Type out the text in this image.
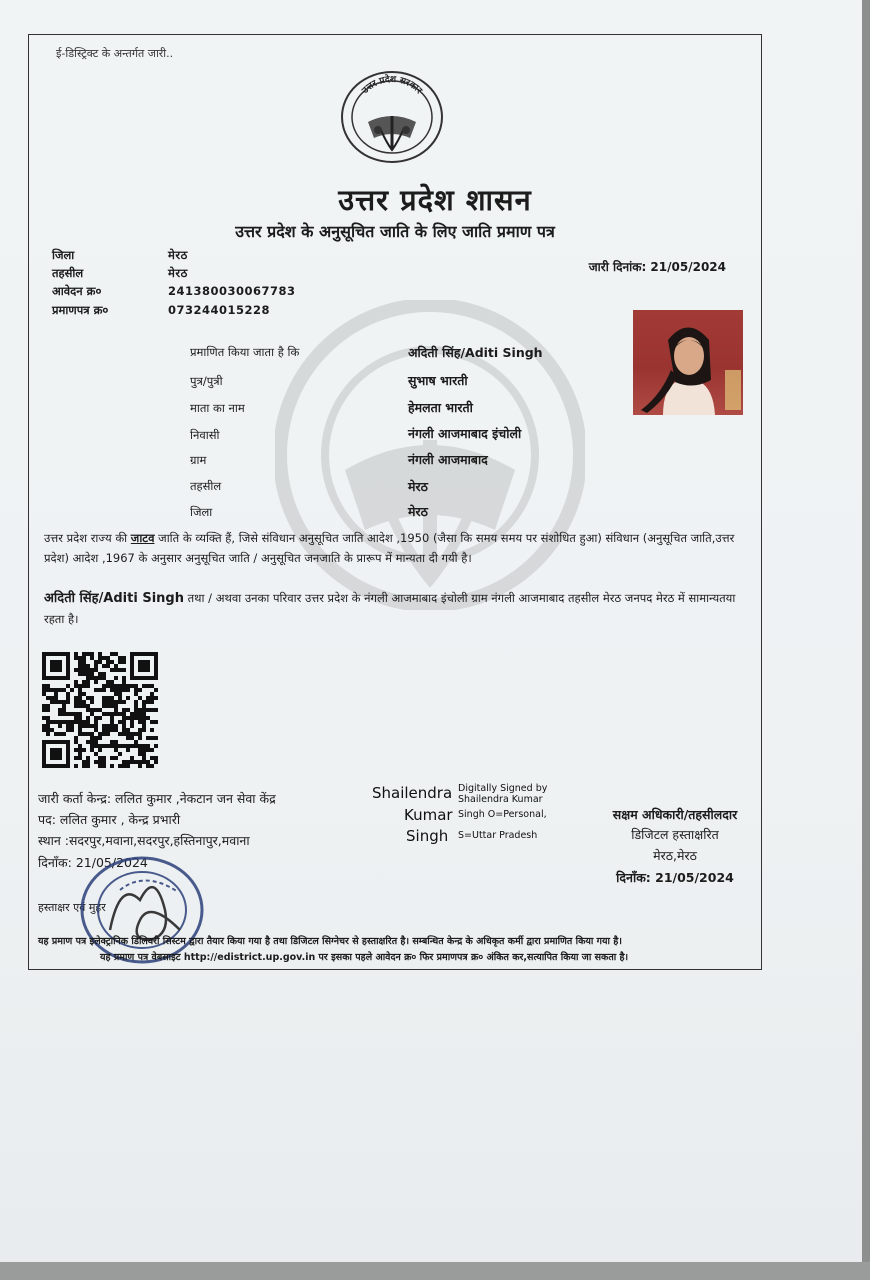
ई-डिस्ट्रिक्ट के अन्तर्गत जारी..
उत्तर प्रदेश सरकार
उत्तर प्रदेश शासन
उत्तर प्रदेश के अनुसूचित जाति के लिए जाति प्रमाण पत्र
जिला	मेरठ
तहसील	मेरठ
आवेदन क्र०	241380030067783
प्रमाणपत्र क्र०	073244015228
जारी दिनांक: 21/05/2024
प्रमाणित किया जाता है कि	अदिती सिंह/Aditi Singh
पुत्र/पुत्री	सुभाष भारती
माता का नाम	हेमलता भारती
निवासी	नंगली आजमाबाद इंचोली
ग्राम	नंगली आजमाबाद
तहसील	मेरठ
जिला	मेरठ
उत्तर प्रदेश राज्य की जाटव जाति के व्यक्ति हैं, जिसे संविधान अनुसूचित जाति आदेश ,1950 (जैसा कि समय समय पर संशोधित हुआ) संविधान (अनुसूचित जाति,उत्तर प्रदेश) आदेश ,1967 के अनुसार अनुसूचित जाति / अनुसूचित जनजाति के प्रारूप में मान्यता दी गयी है।
अदिती सिंह/Aditi Singh तथा / अथवा उनका परिवार उत्तर प्रदेश के नंगली आजमाबाद इंचोली ग्राम नंगली आजमाबाद तहसील मेरठ जनपद मेरठ में सामान्यतया रहता है।
जारी कर्ता केन्द्र: ललित कुमार ,नेकटान जन सेवा केंद्र
पद: ललित कुमार , केन्द्र प्रभारी
स्थान :सदरपुर,मवाना,सदरपुर,हस्तिनापुर,मवाना
दिनाँक: 21/05/2024
हस्ताक्षर एवं मुहर
Shailendra
Kumar
Singh
Digitally Signed by
Shailendra Kumar
Singh O=Personal,
S=Uttar Pradesh
सक्षम अधिकारी/तहसीलदार
डिजिटल हस्ताक्षरित
मेरठ,मेरठ
दिनाँक: 21/05/2024
यह प्रमाण पत्र इलेक्ट्रानिक डिलिवरी सिस्टम द्वारा तैयार किया गया है तथा डिजिटल सिग्नेचर से हस्ताक्षरित है। सम्बन्धित केन्द्र के अधिकृत कर्मी द्वारा प्रमाणित किया गया है।
यह प्रमाण पत्र वेबसाइट http://edistrict.up.gov.in पर इसका पहले आवेदन क्र० फिर प्रमाणपत्र क्र० अंकित कर,सत्यापित किया जा सकता है।
